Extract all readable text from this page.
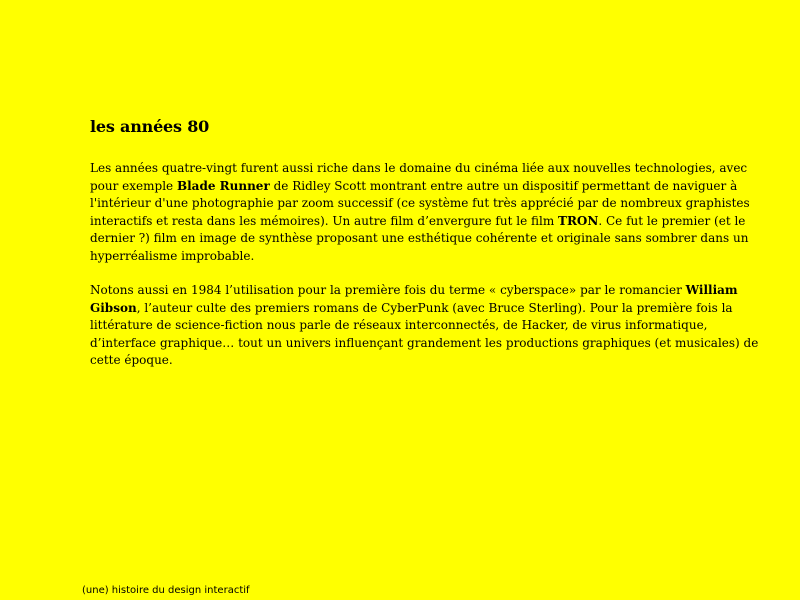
les années 80

Les années quatre-vingt furent aussi riche dans le domaine du cinéma liée aux nouvelles technologies, avec pour exemple Blade Runner de Ridley Scott montrant entre autre un dispositif permettant de naviguer à l'intérieur d'une photographie par zoom successif (ce système fut très apprécié par de nombreux graphistes interactifs et resta dans les mémoires). Un autre film d’envergure fut le film TRON. Ce fut le premier (et le dernier ?) film en image de synthèse proposant une esthétique cohérente et originale sans sombrer dans un hyperréalisme improbable.

Notons aussi en 1984 l’utilisation pour la première fois du terme « cyberspace» par le romancier William Gibson, l’auteur culte des premiers romans de CyberPunk (avec Bruce Sterling). Pour la première fois la littérature de science-fiction nous parle de réseaux interconnectés, de Hacker, de virus informatique, d’interface graphique… tout un univers influençant grandement les productions graphiques (et musicales) de cette époque.

(une) histoire du design interactif
